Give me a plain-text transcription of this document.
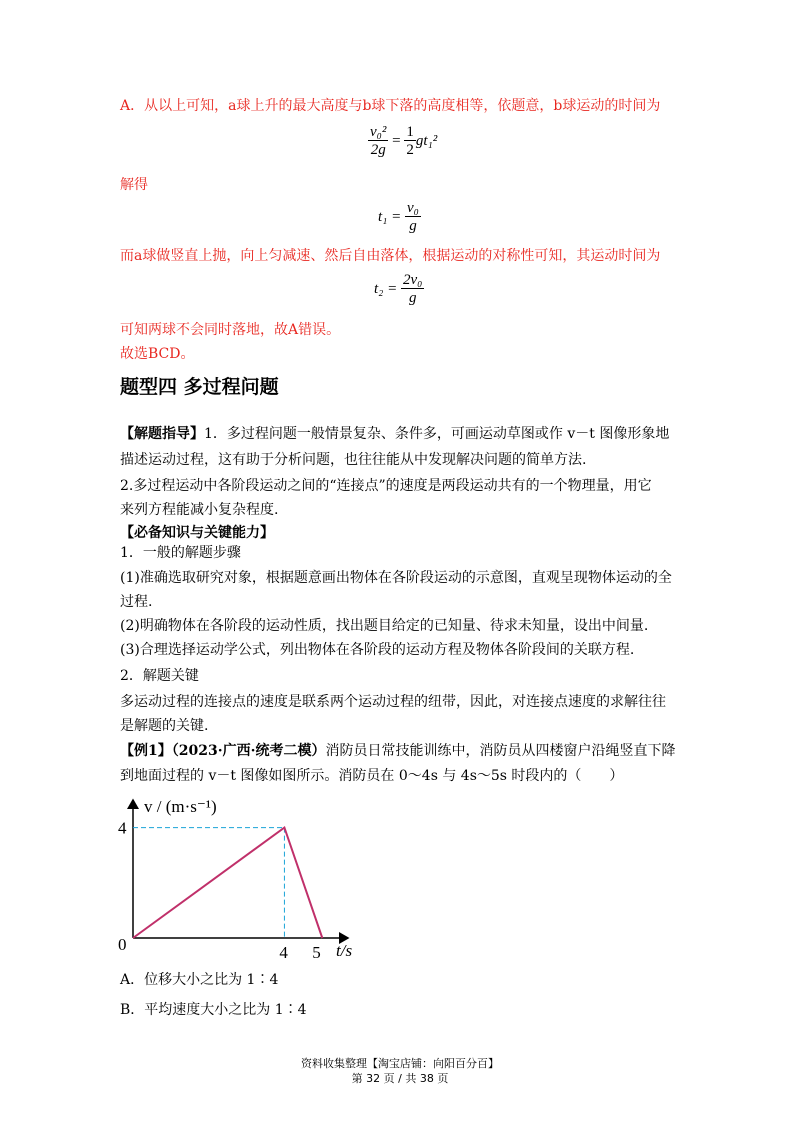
A．从以上可知，a球上升的最大高度与b球下落的高度相等，依题意，b球运动的时间为
$\frac{\text{v₀²}}{2g} = \frac{1}{2} gt_1^2$
解得
$t_1 = \frac{\text{v₀}}{g}$
而a球做竖直上抛，向上匀减速、然后自由落体，根据运动的对称性可知，其运动时间为
$t_2 = \frac{\text{2v₀}}{g}$
可知两球不会同时落地，故A错误。
故选BCD。
题型四 多过程问题
【解题指导】1．多过程问题一般情景复杂、条件多，可画运动草图或作 v－t 图像形象地
描述运动过程，这有助于分析问题，也往往能从中发现解决问题的简单方法.
2.多过程运动中各阶段运动之间的“连接点”的速度是两段运动共有的一个物理量，用它
来列方程能减小复杂程度.
【必备知识与关键能力】
1．一般的解题步骤
(1)准确选取研究对象，根据题意画出物体在各阶段运动的示意图，直观呈现物体运动的全
过程.
(2)明确物体在各阶段的运动性质，找出题目给定的已知量、待求未知量，设出中间量.
(3)合理选择运动学公式，列出物体在各阶段的运动方程及物体各阶段间的关联方程.
2．解题关键
多运动过程的连接点的速度是联系两个运动过程的纽带，因此，对连接点速度的求解往往
是解题的关键.
【例1】（2023·广西·统考二模）消防员日常技能训练中，消防员从四楼窗户沿绳竖直下降
到地面过程的 v－t 图像如图所示。消防员在 0～4s 与 4s～5s 时段内的（　　）
v / (m·s⁻¹)
t/s
0	4 5
4
A．位移大小之比为 1∶4
B．平均速度大小之比为 1∶4
资料收集整理【淘宝店铺：向阳百分百】
第 32 页 / 共 38 页
